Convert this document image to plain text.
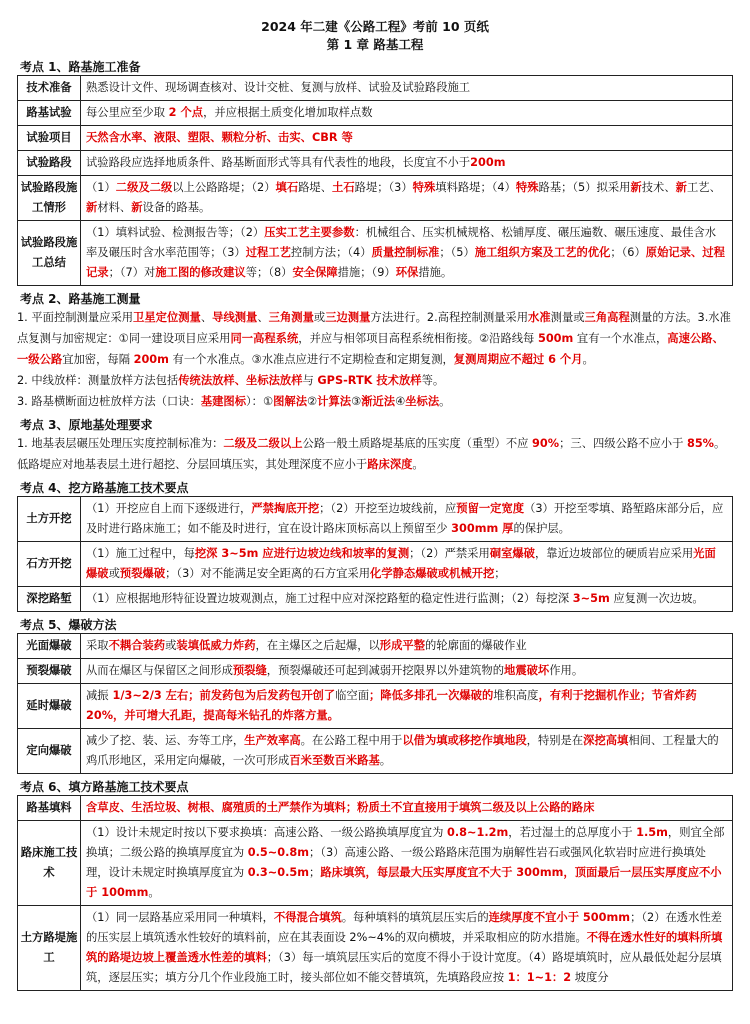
2024 年二建《公路工程》考前 10 页纸
第 1 章 路基工程
考点 1、路基施工准备
技术准备	熟悉设计文件、现场调查核对、设计交桩、复测与放样、试验及试验路段施工
路基试验	每公里应至少取 2 个点，并应根据土质变化增加取样点数
试验项目	天然含水率、液限、塑限、颗粒分析、击实、CBR 等
试验路段	试验路段应选择地质条件、路基断面形式等具有代表性的地段，长度宜不小于200m
试验路段施工情形	（1）二级及二级以上公路路堤；（2）填石路堤、土石路堤；（3）特殊填料路堤；（4）特殊路基；（5）拟采用新技术、新工艺、新材料、新设备的路基。
试验路段施工总结	（1）填料试验、检测报告等；（2）压实工艺主要参数：机械组合、压实机械规格、松铺厚度、碾压遍数、碾压速度、最佳含水率及碾压时含水率范围等；（3）过程工艺控制方法；（4）质量控制标准；（5）施工组织方案及工艺的优化；（6）原始记录、过程记录；（7）对施工图的修改建议等；（8）安全保障措施；（9）环保措施。
考点 2、路基施工测量

1. 平面控制测量应采用卫星定位测量、导线测量、三角测量或三边测量方法进行。2.高程控制测量采用水准测量或三角高程测量的方法。3.水准点复测与加密规定：①同一建设项目应采用同一高程系统，并应与相邻项目高程系统相衔接。②沿路线每 500m 宜有一个水准点，高速公路、一级公路宜加密，每隔 200m 有一个水准点。③水准点应进行不定期检查和定期复测，复测周期应不超过 6 个月。

2. 中线放样：测量放样方法包括传统法放样、坐标法放样与 GPS-RTK 技术放样等。

3. 路基横断面边桩放样方法（口诀：基建图标）：①图解法②计算法③渐近法④坐标法。

考点 3、原地基处理要求

1. 地基表层碾压处理压实度控制标准为：二级及二级以上公路一般土质路堤基底的压实度（重型）不应 90%；三、四级公路不应小于 85%。低路堤应对地基表层土进行超挖、分层回填压实，其处理深度不应小于路床深度。

考点 4、挖方路基施工技术要点
土方开挖	（1）开挖应自上而下逐级进行，严禁掏底开挖；（2）开挖至边坡线前，应预留一定宽度（3）开挖至零填、路堑路床部分后，应及时进行路床施工；如不能及时进行，宜在设计路床顶标高以上预留至少 300mm 厚的保护层。
石方开挖	（1）施工过程中，每挖深 3~5m 应进行边坡边线和坡率的复测；（2）严禁采用硐室爆破，靠近边坡部位的硬质岩应采用光面爆破或预裂爆破；（3）对不能满足安全距离的石方宜采用化学静态爆破或机械开挖；
深挖路堑	（1）应根据地形特征设置边坡观测点，施工过程中应对深挖路堑的稳定性进行监测；（2）每挖深 3~5m 应复测一次边坡。
考点 5、爆破方法
光面爆破	采取不耦合装药或装填低威力炸药，在主爆区之后起爆，以形成平整的轮廓面的爆破作业
预裂爆破	从而在爆区与保留区之间形成预裂缝，预裂爆破还可起到减弱开挖限界以外建筑物的地震破坏作用。
延时爆破	减振 1/3~2/3 左右；前发药包为后发药包开创了临空面；降低多排孔一次爆破的堆积高度，有利于挖掘机作业；节省炸药 20%，并可增大孔距，提高每米钻孔的炸落方量。
定向爆破	减少了挖、装、运、夯等工序，生产效率高。在公路工程中用于以借为填或移挖作填地段，特别是在深挖高填相间、工程量大的鸡爪形地区，采用定向爆破，一次可形成百米至数百米路基。
考点 6、填方路基施工技术要点
路基填料	含草皮、生活垃圾、树根、腐殖质的土严禁作为填料；粉质土不宜直接用于填筑二级及以上公路的路床
路床施工技术	（1）设计未规定时按以下要求换填：高速公路、一级公路换填厚度宜为 0.8~1.2m，若过湿土的总厚度小于 1.5m，则宜全部换填；二级公路的换填厚度宜为 0.5~0.8m；（3）高速公路、一级公路路床范围为崩解性岩石或强风化软岩时应进行换填处理，设计未规定时换填厚度宜为 0.3~0.5m；路床填筑，每层最大压实厚度宜不大于 300mm，顶面最后一层压实厚度应不小于 100mm。
土方路堤施工	（1）同一层路基应采用同一种填料，不得混合填筑。每种填料的填筑层压实后的连续厚度不宜小于 500mm；（2）在透水性差的压实层上填筑透水性较好的填料前，应在其表面设 2%~4%的双向横坡，并采取相应的防水措施。不得在透水性好的填料所填筑的路堤边坡上覆盖透水性差的填料；（3）每一填筑层压实后的宽度不得小于设计宽度。（4）路堤填筑时，应从最低处起分层填筑，逐层压实；填方分几个作业段施工时，接头部位如不能交替填筑，先填路段应按 1：1~1：2 坡度分
